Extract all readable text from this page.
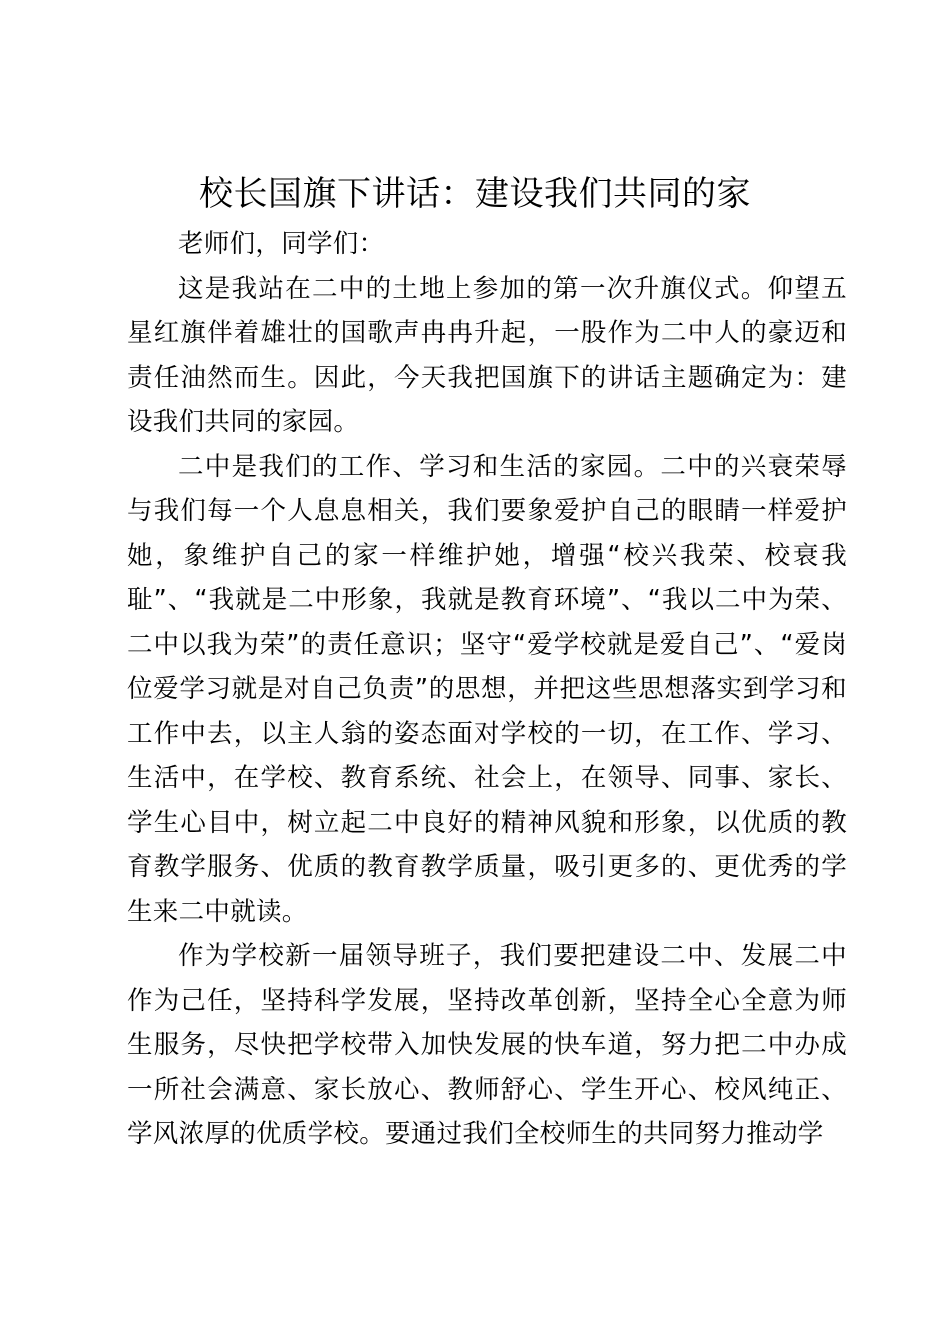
校长国旗下讲话：建设我们共同的家

老师们，同学们：

这是我站在二中的土地上参加的第一次升旗仪式。仰望五星红旗伴着雄壮的国歌声冉冉升起，一股作为二中人的豪迈和责任油然而生。因此，今天我把国旗下的讲话主题确定为：建设我们共同的家园。

二中是我们的工作、学习和生活的家园。二中的兴衰荣辱与我们每一个人息息相关，我们要象爱护自己的眼睛一样爱护她，象维护自己的家一样维护她，增强“校兴我荣、校衰我耻”、“我就是二中形象，我就是教育环境”、“我以二中为荣、二中以我为荣”的责任意识；坚守“爱学校就是爱自己”、“爱岗位爱学习就是对自己负责”的思想，并把这些思想落实到学习和工作中去，以主人翁的姿态面对学校的一切，在工作、学习、生活中，在学校、教育系统、社会上，在领导、同事、家长、学生心目中，树立起二中良好的精神风貌和形象，以优质的教育教学服务、优质的教育教学质量，吸引更多的、更优秀的学生来二中就读。

作为学校新一届领导班子，我们要把建设二中、发展二中作为己任，坚持科学发展，坚持改革创新，坚持全心全意为师生服务，尽快把学校带入加快发展的快车道，努力把二中办成一所社会满意、家长放心、教师舒心、学生开心、校风纯正、学风浓厚的优质学校。要通过我们全校师生的共同努力推动学
